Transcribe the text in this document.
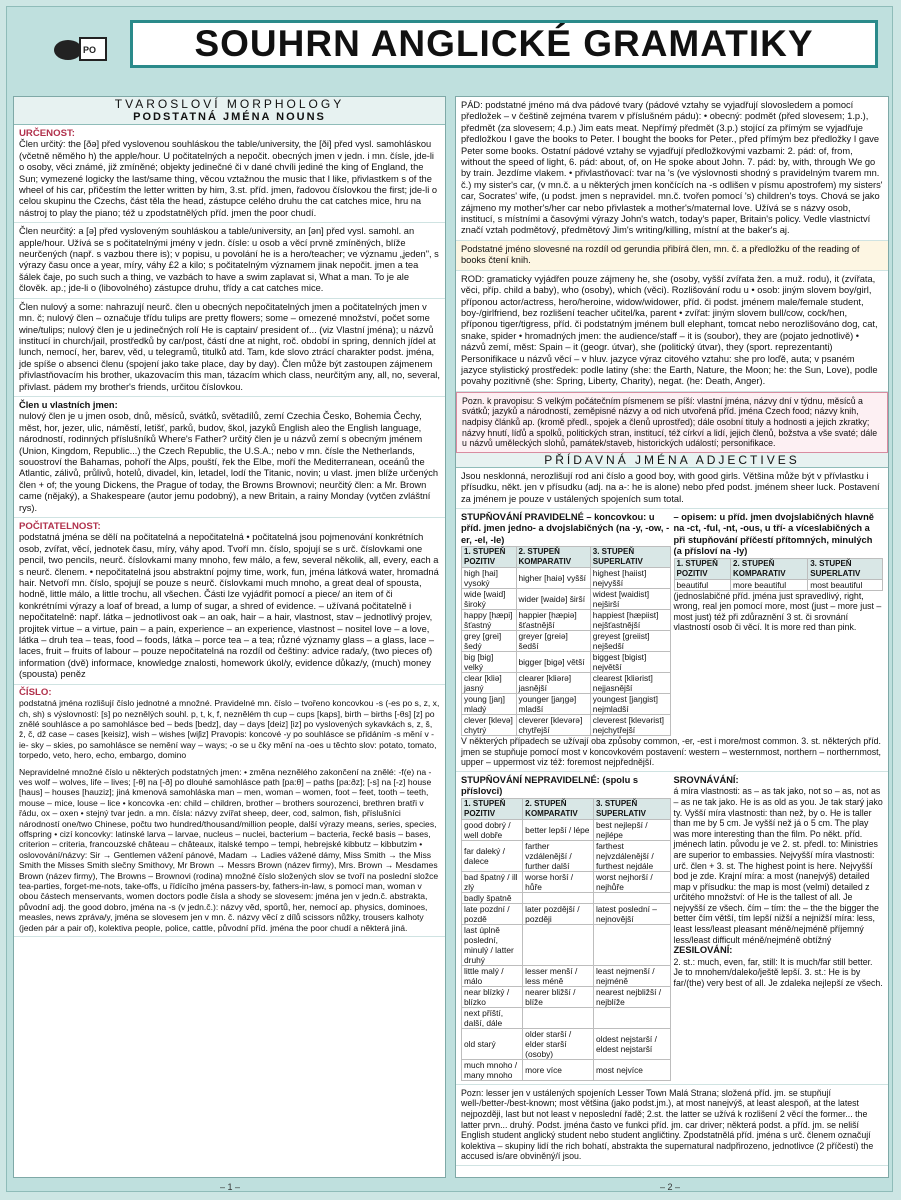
PO	SOUHRN ANGLICKÉ GRAMATIKY
TVAROSLOVÍ MORPHOLOGY
PODSTATNÁ JMÉNA NOUNS
URČENOST:
Člen určitý: the [ðə] před vyslovenou souhláskou the table/university, the [ði] před vysl. samohláskou (včetně něměho h) the apple/hour. U počitatelných a nepočit. obecných jmen v jedn. i mn. čísle, jde-li o osoby, věci známé, již zmíněné; objekty jedinečné či v dané chvíli jediné the king of England, the Sun; vymezené logicky the last/same thing, věcou vztažnou the music that I like, přivlastkem s of the wheel of his car, přičestím the letter written by him, 3.st. příd. jmen, řadovou číslovkou the first; jde-li o celou skupinu the Czechs, část těla the head, zástupce celého druhu the cat catches mice, hru na nástroj to play the piano; též u zpodstatnělých příd. jmen the poor chudí.
Člen neurčitý: a [ə] před vysloveným souhláskou a table/university, an [ən] před vysl. samohl. an apple/hour. Užívá se s počitatelnými jmény v jedn. čísle: u osob a věcí prvně zmíněných, blíže neurčených (např. s vazbou there is); v popisu, u povolání he is a hero/teacher; ve významu „jeden", s výrazy času once a year, míry, váhy £2 a kilo; s počitatelným významem jinak nepočit. jmen a tea šálek čaje, po such such a thing, ve vazbách to have a swim zaplavat si, What a man. To je ale člověk. ap.; jde-li o (libovolného) zástupce druhu, třídy a cat catches mice.
Člen nulový a some: nahrazují neurč. člen u obecných nepočitatelných jmen a počitatelných jmen v mn. č; nulový člen – označuje třídu tulips are pretty flowers; some – omezené množství, počet some wine/tulips; nulový člen je u jedinečných rolí He is captain/ president of... (viz Vlastní jména); u názvů institucí in church/jail, prostředků by car/post, částí dne at night, roč. období in spring, denních jídel at lunch, nemocí, her, barev, věd, u telegramů, titulků atd. Tam, kde slovo ztrácí charakter podst. jména, jde spíše o absenci členu (spojení jako take place, day by day). Člen může být zastoupen zájmenem přivlastňovacím his brother, ukazovacím this man, tázacím which class, neurčitým any, all, no, several, přivlast. pádem my brother's friends, určitou číslovkou.
Člen u vlastních jmen:
nulový člen je u jmen osob, dnů, měsíců, svátků, světadílů, zemí Czechia Česko, Bohemia Čechy, měst, hor, jezer, ulic, náměstí, letišť, parků, budov, škol, jazyků English aleo the English language, národností, rodinných příslušníků Where's Father? určitý člen je u názvů zemí s obecným jménem (Union, Kingdom, Republic...) the Czech Republic, the U.S.A.; nebo v mn. čísle the Netherlands, souostroví the Bahamas, pohoří the Alps, pouští, řek the Elbe, moří the Mediterranean, oceánů the Atlantic, zálivů, průlivů, hotelů, divadel, kin, letadel, lodí the Titanic, novin; u vlast. jmen blíže určených člen + of; the young Dickens, the Prague of today, the Browns Brownovi; neurčitý člen: a Mr. Brown came (nějaký), a Shakespeare (autor jemu podobný), a new Britain, a rainy Monday (vytčen zvláštní rys).
POČITATELNOST:
podstatná jména se dělí na počitatelná a nepočitatelná • počitatelná jsou pojmenování konkrétních osob, zvířat, věcí, jednotek času, míry, váhy apod. Tvoří mn. číslo, spojují se s urč. číslovkami one pencil, two pencils, neurč. číslovkami many mnoho, few málo, a few, several několik, all, every, each a s neurč. členem. • nepočitatelná jsou abstraktní pojmy time, work, fun, jména látková water, hromadná hair. Netvoří mn. číslo, spojují se pouze s neurč. číslovkami much mnoho, a great deal of spousta, hodně, little málo, a little trochu, all všechen. Části lze vyjádřit pomocí a piece/ an item of či konkrétními výrazy a loaf of bread, a lump of sugar, a shred of evidence. – užívaná počitatelně i nepočitatelně: např. látka – jednotlivost oak – an oak, hair – a hair, vlastnost, stav – jednotlivý projev, projitek virtue – a virtue, pain – a pain, experience – an experience, vlastnost – nositel love – a love, látka – druh tea – teas, food – foods, látka – porce tea – a tea; různé významy glass – a glass, lace – laces, fruit – fruits of labour – pouze nepočitatelná na rozdíl od češtiny: advice rada/y, (two pieces of) information (dvě) informace, knowledge znalosti, homework úkol/y, evidence důkaz/y, (much) money (spousta) peněz
ČÍSLO:
podstatná jména rozlišují číslo jednotné a množné. Pravidelné mn. číslo – tvořeno koncovkou -s (-es po s, z, x, ch, sh) s výslovností: [s] po neznělých souhl. p, t, k, f, neznělém th cup – cups [kaps], birth – births [-θs] [z] po znělé souhlásce a po samohlásce bed – beds [bedz], day – days [deiz] [iz] po vyslovených sykavkách s, z, š, ž, č, dž case – cases [keisiz], wish – wishes [wiʃiz] Pravopis: koncové -y po souhlásce se přidáním -s mění v -ie- sky – skies, po samohlásce se nemění way – ways; -o se u čky mění na -oes u těchto slov: potato, tomato, torpedo, veto, hero, echo, embargo, domino
Nepravidelné množné číslo u některých podstatných jmen: • změna neznělého zakončení na znělé: -f(e) na -ves wolf – wolves, life – lives; [-θ] na [-ð] po dlouhé samohlásce path [pa:θ] – paths [pa:ðz]; [-s] na [-z] house [haus] – houses [hauziz]; jiná kmenová samohláska man – men, woman – women, foot – feet, tooth – teeth, mouse – mice, louse – lice • koncovka -en: child – children, brother – brothers sourozenci, brethren bratři v řádu, ox – oxen • stejný tvar jedn. a mn. čísla: názvy zvířat sheep, deer, cod, salmon, fish, příslušníci národností one/two Chinese, počtu two hundred/thousand/million people, další výrazy means, series, species, offspring • cizí koncovky: latinské larva – larvae, nucleus – nuclei, bacterium – bacteria, řecké basis – bases, criterion – criteria, francouzské château – châteaux, italské tempo – tempi, hebrejské kibbutz – kibbutzim • oslovování/názvy: Sir → Gentlemen vážení pánové, Madam → Ladies vážené dámy, Miss Smith → the Miss Smith the Misses Smith slečny Smithovy, Mr Brown → Messrs Brown (název firmy), Mrs. Brown → Mesdames Brown (název firmy), The Browns – Brownovi (rodina) množné číslo složených slov se tvoří na poslední složce tea-parties, forget-me-nots, take-offs, u řídícího jména passers-by, fathers-in-law, s pomocí man, woman v obou částech menservants, women doctors podle čísla a shody se slovesem: jména jen v jedn.č. abstrakta, původní adj. the good dobro, jména na -s (v jedn.č.): názvy věd, sportů, her, nemocí ap. physics, dominoes, measles, news zpráva/y, jména se slovesem jen v mn. č. názvy věcí z dílů scissors nůžky, trousers kalhoty (jeden pár a pair of), kolektiva people, police, cattle, původní příd. jména the poor chudí a některá jiná.
PÁD: podstatné jméno má dva pádové tvary (pádové vztahy se vyjadřují slovosledem a pomocí předložek – v češtině zejména tvarem v příslušném pádu): • obecný: podmět (před slovesem; 1.p.), předmět (za slovesem; 4.p.) Jim eats meat. Nepřímý předmět (3.p.) stojící za přímým se vyjadřuje předložkou I gave the books to Peter. I bought the books for Peter., před přímým bez předložky I gave Peter some books. Ostatní pádové vztahy se vyjadřují předložkovými vazbami: 2. pád: of, from, without the speed of light, 6. pád: about, of, on He spoke about John. 7. pád: by, with, through We go by train. Jezdíme vlakem. • přivlastňovací: tvar na 's (ve výslovnosti shodný s pravidelným tvarem mn. č.) my sister's car, (v mn.č. a u některých jmen končících na -s odlišen v písmu apostrofem) my sisters' car, Socrates' wife, (u podst. jmen s nepravidel. mn.č. tvořen pomocí 's) children's toys. Chová se jako zájmeno my mother's/her car nebo přivlastek a mother's/maternal love. Užívá se s názvy osob, institucí, s místními a časovými výrazy John's watch, today's paper, Britain's policy. Vedle vlastnictví značí vztah podmětový, předmětový Jim's writing/killing, místní at the baker's aj.
Podstatné jméno slovesné na rozdíl od gerundia přibírá člen, mn. č. a předložku of the reading of books čtení knih.
ROD: gramaticky vyjádřen pouze zájmeny he, she (osoby, vyšší zvířata žen. a muž. rodu), it (zvířata, věci, příp. child a baby), who (osoby), which (věci). Rozlišování rodu u • osob: jiným slovem boy/girl, příponou actor/actress, hero/heroine, widow/widower, příd. či podst. jménem male/female student, boy-/girlfriend, bez rozlišení teacher učitel/ka, parent • zvířat: jiným slovem bull/cow, cock/hen, příponou tiger/tigress, příd. či podstatným jménem bull elephant, tomcat nebo nerozlišováno dog, cat, snake, spider • hromadných jmen: the audience/staff – it is (soubor), they are (pojato jednotlivě) • názvů zemí, měst: Spain – it (geogr. útvar), she (politický útvar), they (sport. reprezentanti) Personifikace u názvů věcí – v hluv. jazyce výraz citového vztahu: she pro loďě, auta; v psaném jazyce stylistický prostředek: podle latiny (she: the Earth, Nature, the Moon; he: the Sun, Love), podle povahy pozitivně (she: Spring, Liberty, Charity), negat. (he: Death, Anger).
Pozn. k pravopisu: S velkým počátečním písmenem se píší: vlastní jména, názvy dní v týdnu, měsíců a svátků; jazyků a národností, zeměpisné názvy a od nich utvořená příd. jména Czech food; názvy knih, nadpisy článků ap. (kromě předl., spojek a členů uprostřed); dále osobní tituly a hodnosti a jejich zkratky; názvy hnutí, líďů a spolků, politických stran, institucí, též církví a lidí, jejich členů, božstva a vše svaté; dále u názvů uměleckých slohů, památek/staveb, historických událostí; personifikace.
PŘÍDAVNÁ JMÉNA ADJECTIVES
Jsou nesklonná, nerozlišují rod ani číslo a good boy, with good girls. Většina může být v přívlastku i přísudku, někt. jen v přísudku (adj. na a-: he is alone) nebo před podst. jménem sheer luck. Postavení za jménem je pouze v ustálených spojeních sum total.
STUPŇOVÁNÍ PRAVIDELNÉ – koncovkou: u příd. jmen jedno- a dvojslabičných (na -y, -ow, -er, -el, -le)
1. STUPEŇ POZITIV	2. STUPEŇ KOMPARATIV	3. STUPEŇ SUPERLATIV
high [hai] vysoký	higher [haiə] vyšší	highest [haiist] nejvyšší
wide [waid] široký	wider [waidə] širší	widest [waidist] nejširší
happy [hæpi] šťastný	happier [hæpiə] šťastnější	happiest [hæpiist] nejšťastnější
grey [grei] šedý	greyer [greiə] šedší	greyest [greiist] nejšedší
big [big] velký	bigger [bigə] větší	biggest [bigist] největší
clear [kliə] jasný	clearer [kliərə] jasnější	clearest [kliərist] nejjasnější
young [jaŋ] mladý	younger [jaŋgə] mladší	youngest [jaŋgist] nejmladší
clever [klevə] chytrý	cleverer [klevərə] chytřejší	cleverest [klevərist] nejchytřejší
– opisem: u příd. jmen dvojslabičných hlavně na -ct, -ful, -nt, -ous, u tří- a víceslabičných a při stupňování příčestí přítomných, minulých (a přísloví na -ly)
1. STUPEŇ POZITIV	2. STUPEŇ KOMPARATIV	3. STUPEŇ SUPERLATIV
beautiful	more beautiful	most beautiful
(jednoslabičné příd. jména just spravedlivý, right, wrong, real jen pomocí more, most (just – more just – most just) též při zdůraznění 3 st. či srovnání vlastností osob či věcí. It is more red than pink.
V některých případech se užívají oba způsoby common, -er, -est i more/most common. 3. st. některých příd. jmen se stupňuje pomocí most v koncovkovém postavení: western – westernmost, northern – northernmost, upper – uppermost viz též: foremost nejpřednější.
STUPŇOVÁNÍ NEPRAVIDELNÉ: (spolu s příslovci)
1. STUPEŇ POZITIV	2. STUPEŇ KOMPARATIV	3. STUPEŇ SUPERLATIV
good dobrý / well dobře	better lepší / lépe	best nejlepší / nejlépe
far daleký / dalece	farther vzdálenější / further další	farthest nejvzdálenější / furthest nejdále
bad špatný / ill zlý	worse horší / hůře	worst nejhorší / nejhůře
badly špatně		
late pozdní / pozdě	later pozdější / později	latest poslední – nejnovější
last úplně poslední, minulý / latter druhý		
little malý / málo	lesser menší / less méně	least nejmenší / nejméně
near blízký / blízko	nearer bližší / blíže	nearest nejbližší / nejblíže
next příští, další, dále		
old starý	older starší / elder starší (osoby)	oldest nejstarší / eldest nejstarší
much mnoho / many mnoho	more více	most nejvíce
SROVNÁVÁNÍ:
á míra vlastnosti: as – as tak jako, not so – as, not as – as ne tak jako. He is as old as you. Je tak starý jako ty. Vyšší míra vlastnosti: than než, by o. He is taller than me by 5 cm. Je vyšší než já o 5 cm. The play was more interesting than the film. Po někt. příd. jménech latin. původu je ve 2. st. předl. to: Ministries are superior to embassies. Nejvyšší míra vlastnosti: urč. člen + 3. st. The highest point is here. Nejvyšší bod je zde. Krajní míra: a most (nanejvýš) detailed map v přísudku: the map is most (velmi) detailed z určitého množství: of He is the tallest of all. Je nejvyšší ze všech. čím – tím: the – the the bigger the better čím větší, tím lepší nižší a nejnižší míra: less, least less/least pleasant méně/nejméně příjemný less/least difficult méně/nejméně obtížný
ZESILOVÁNÍ:
2. st.: much, even, far, still: It is much/far still better. Je to mnohem/daleko/ještě lepší. 3. st.: He is by far/(the) very best of all. Je zdaleka nejlepší ze všech.
Pozn: lesser jen v ustálených spojeních Lesser Town Malá Strana; složená příd. jm. se stupňují well-/better-/best-known; most většina (jako podst.jm.), at most nanejvýš, at least alespoň, at the latest nejpozději, last but not least v neposlední řadě; 2.st. the latter se užívá k rozlišení 2 věcí the former... the latter prvn... druhý. Podst. jména často ve funkci příd. jm. car driver; některá podst. a příd. jm. se neliší English student anglický student nebo student angličtiny. Zpodstatnělá příd. jména s urč. členem označují kolektiva – skupiny lidí the rich bohatí, abstrakta the supernatural nadpřirozeno, jednotlivce (2 příčestí) the accused is/are obviněný/í jsou.
– 1 –	– 2 –
